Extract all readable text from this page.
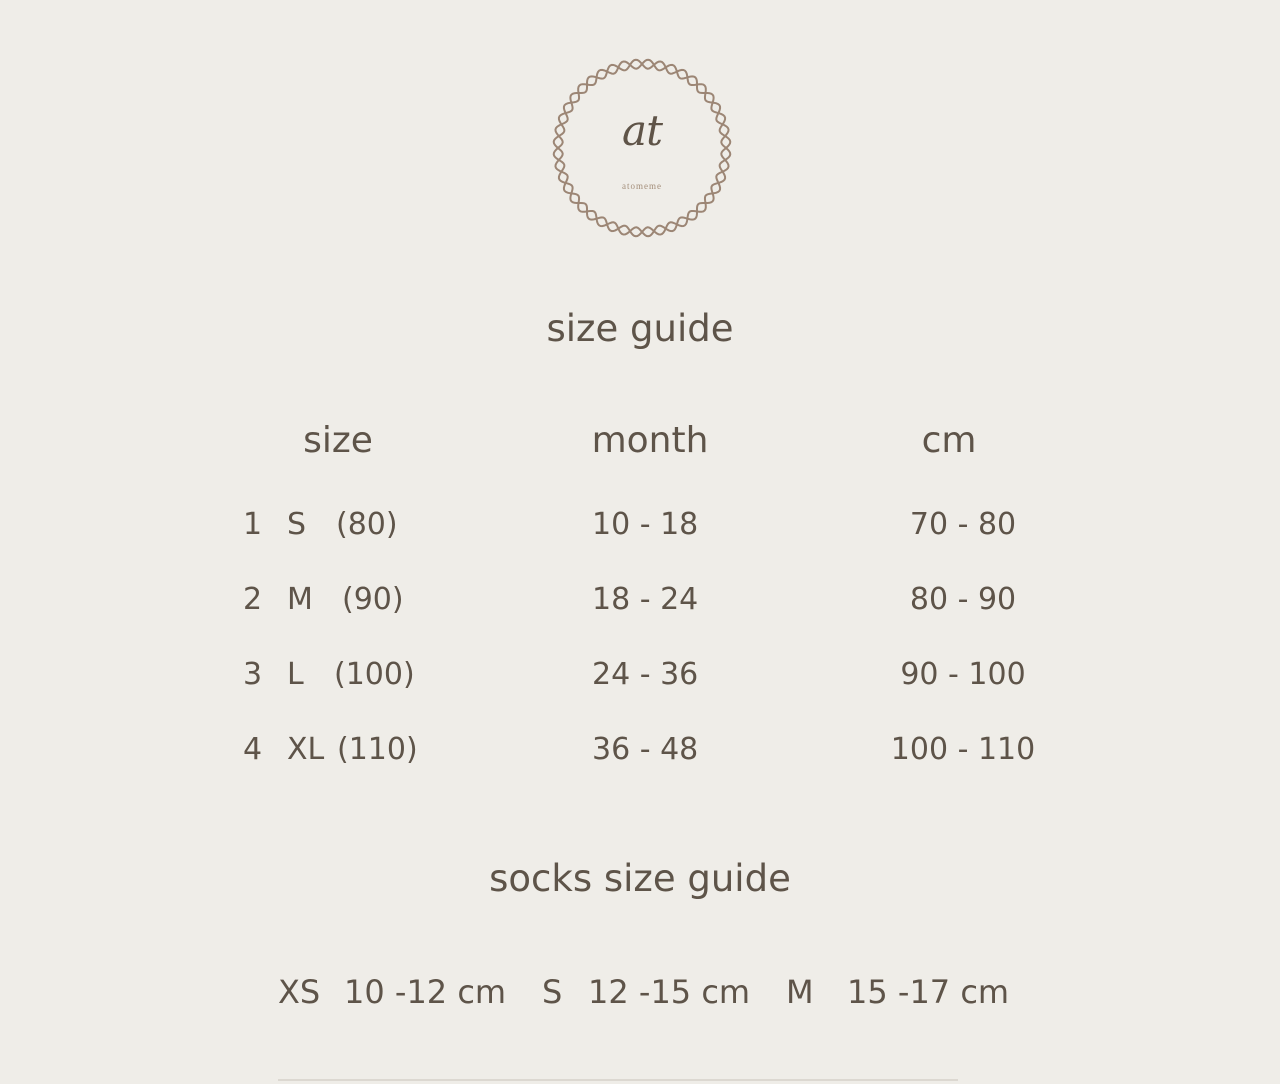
at
atomeme
size guide
size	month	cm
1 S (80)	10 - 18	70 - 80
2 M (90)	18 - 24	80 - 90
3 L (100)	24 - 36	90 - 100
4 XL (110)	36 - 48	100 - 110
socks size guide
XS 10 -12 cm S 12 -15 cm M 15 -17 cm
